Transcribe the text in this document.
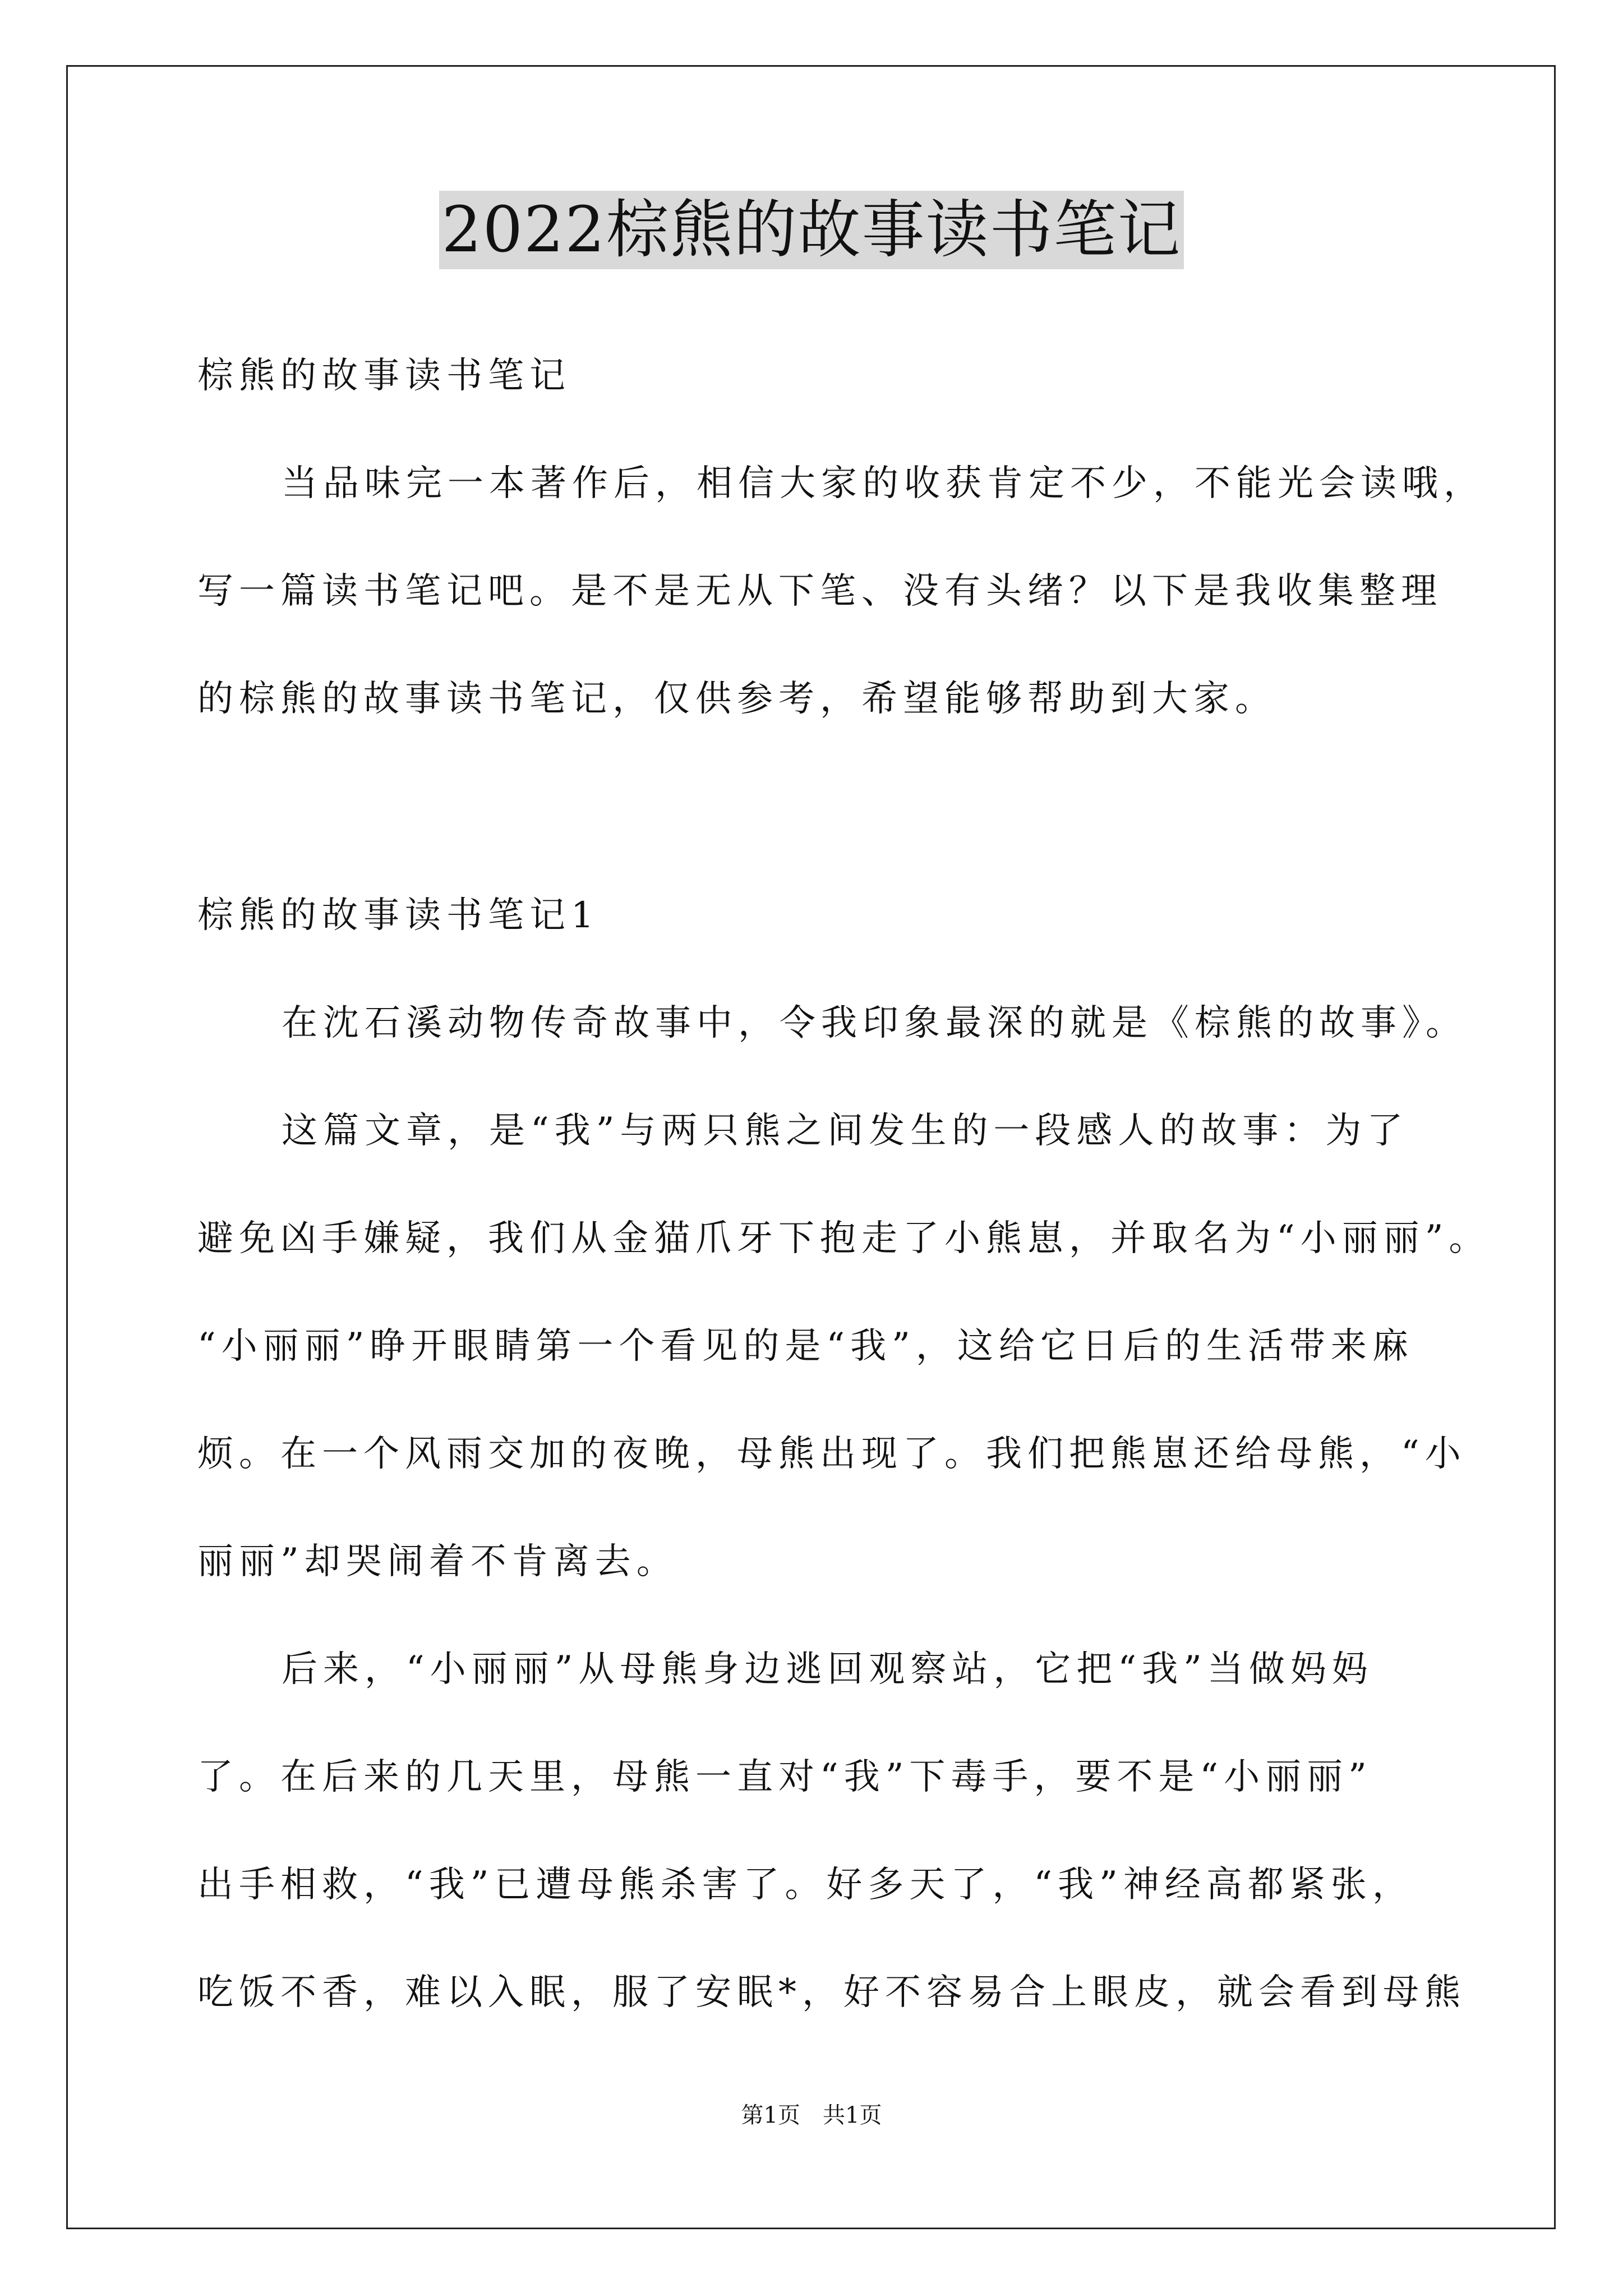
2022棕熊的故事读书笔记
棕熊的故事读书笔记
当品味完一本著作后，相信大家的收获肯定不少，不能光会读哦，
写一篇读书笔记吧。是不是无从下笔、没有头绪？以下是我收集整理
的棕熊的故事读书笔记，仅供参考，希望能够帮助到大家。
棕熊的故事读书笔记1
在沈石溪动物传奇故事中，令我印象最深的就是《棕熊的故事》。
这篇文章，是“我”与两只熊之间发生的一段感人的故事：为了
避免凶手嫌疑，我们从金猫爪牙下抱走了小熊崽，并取名为“小丽丽”。
“小丽丽”睁开眼睛第一个看见的是“我”，这给它日后的生活带来麻
烦。在一个风雨交加的夜晚，母熊出现了。我们把熊崽还给母熊，“小
丽丽”却哭闹着不肯离去。
后来，“小丽丽”从母熊身边逃回观察站，它把“我”当做妈妈
了。在后来的几天里，母熊一直对“我”下毒手，要不是“小丽丽”
出手相救，“我”已遭母熊杀害了。好多天了，“我”神经高都紧张，
吃饭不香，难以入眠，服了安眠*，好不容易合上眼皮，就会看到母熊
第1页　共1页
